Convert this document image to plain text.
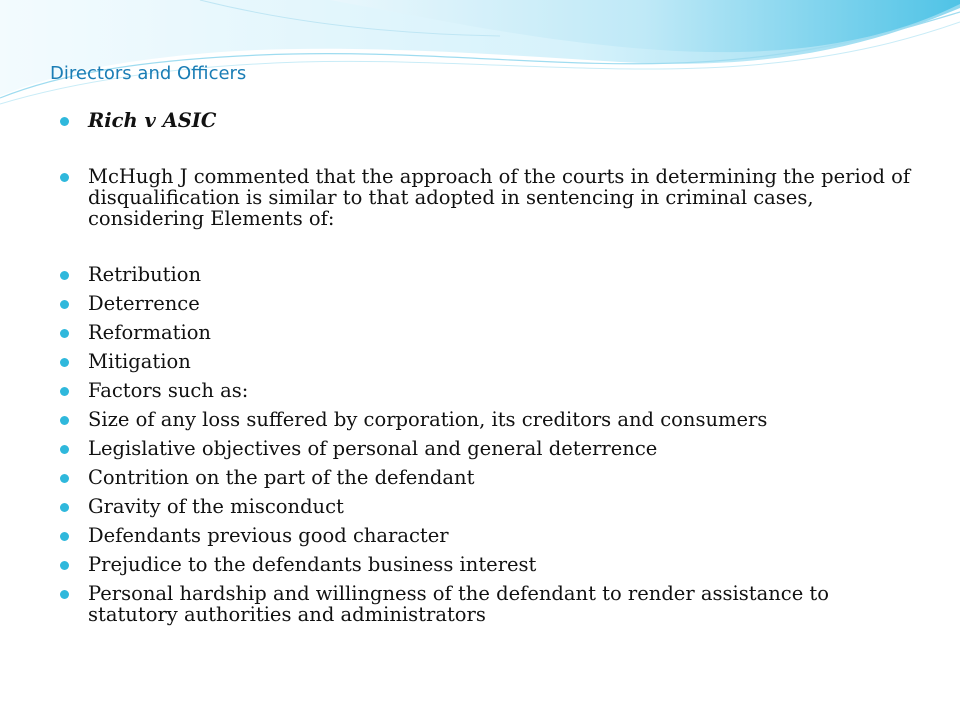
Directors and Officers
Rich v ASIC
McHugh J commented that the approach of the courts in determining the period of disqualification is similar to that adopted in sentencing in criminal cases, considering Elements of:
Retribution
Deterrence
Reformation
Mitigation
Factors such as:
Size of any loss suffered by corporation, its creditors and consumers
Legislative objectives of personal and general deterrence
Contrition on the part of the defendant
Gravity of the misconduct
Defendants previous good character
Prejudice to the defendants business interest
Personal hardship and willingness of the defendant to render assistance to statutory authorities and administrators
